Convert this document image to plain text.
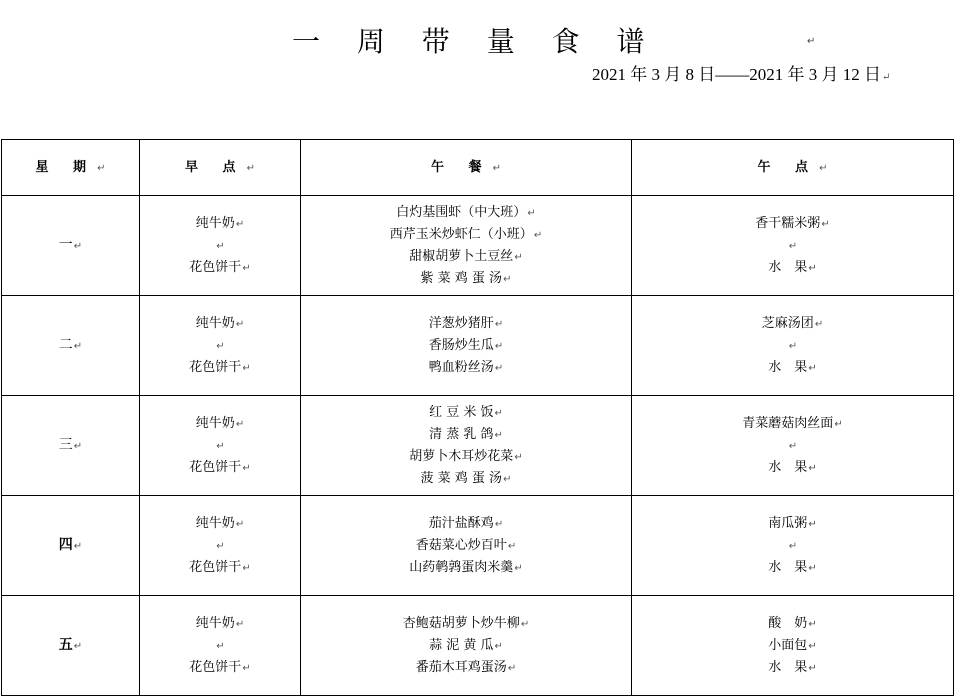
一 周 带 量 食 谱	↵
2021 年 3 月 8 日——2021 年 3 月 12 日↵
星 期↵	早 点↵	午 餐↵	午 点↵
一↵	纯牛奶↵
↵
花色饼干↵	白灼基围虾（中大班）↵
西芹玉米炒虾仁（小班）↵
甜椒胡萝卜土豆丝↵
紫 菜 鸡 蛋 汤↵	香干糯米粥↵
↵
水　果↵

二↵	纯牛奶↵
↵
花色饼干↵	洋葱炒猪肝↵
香肠炒生瓜↵
鸭血粉丝汤↵	芝麻汤团↵
↵
水　果↵

三↵	纯牛奶↵
↵
花色饼干↵	红 豆 米 饭↵
清 蒸 乳 鸽↵
胡萝卜木耳炒花菜↵
菠 菜 鸡 蛋 汤↵	青菜蘑菇肉丝面↵
↵
水　果↵

四↵	纯牛奶↵
↵
花色饼干↵	茄汁盐酥鸡↵
香菇菜心炒百叶↵
山药鹌鹑蛋肉米羹↵	南瓜粥↵
↵
水　果↵

五↵	纯牛奶↵
↵
花色饼干↵	杏鲍菇胡萝卜炒牛柳↵
蒜 泥 黄 瓜↵
番茄木耳鸡蛋汤↵	酸　奶↵
小面包↵
水　果↵
